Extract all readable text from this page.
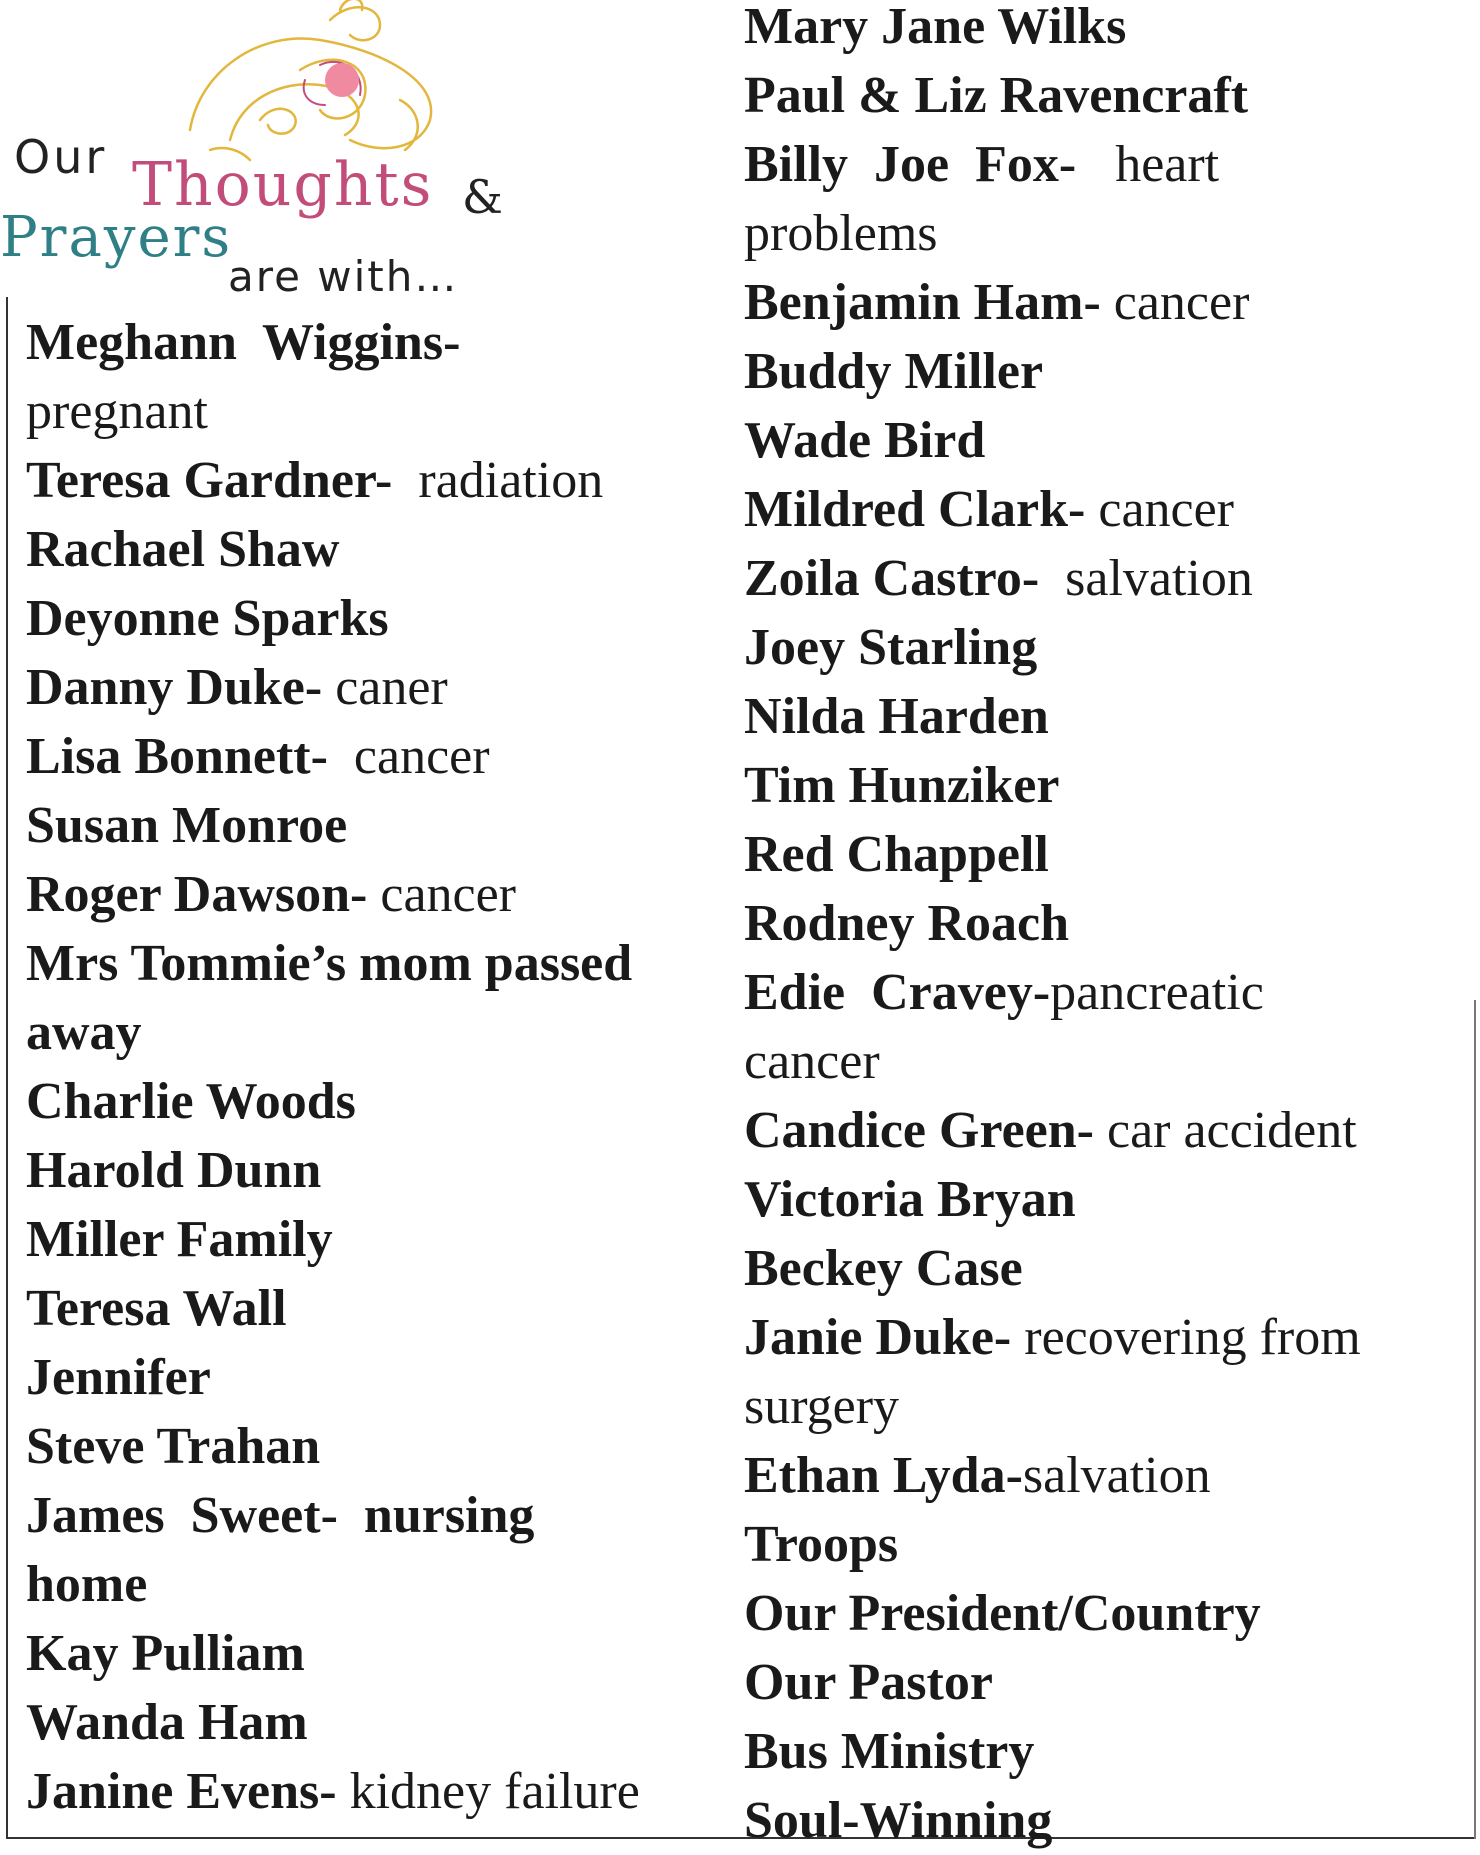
Our Thoughts &
Prayers
are with…
Meghann  Wiggins-
pregnant
Teresa Gardner-  radiation
Rachael Shaw
Deyonne Sparks
Danny Duke- caner
Lisa Bonnett-  cancer
Susan Monroe
Roger Dawson- cancer
Mrs Tommie’s mom passed
away
Charlie Woods
Harold Dunn
Miller Family
Teresa Wall
Jennifer
Steve Trahan
James  Sweet-  nursing
home
Kay Pulliam
Wanda Ham
Janine Evens- kidney failure
Mary Jane Wilks
Paul & Liz Ravencraft
Billy  Joe  Fox-   heart
problems
Benjamin Ham- cancer
Buddy Miller
Wade Bird
Mildred Clark- cancer
Zoila Castro-  salvation
Joey Starling
Nilda Harden
Tim Hunziker
Red Chappell
Rodney Roach
Edie  Cravey-pancreatic
cancer
Candice Green- car accident
Victoria Bryan
Beckey Case
Janie Duke- recovering from
surgery
Ethan Lyda-salvation
Troops
Our President/Country
Our Pastor
Bus Ministry
Soul-Winning
